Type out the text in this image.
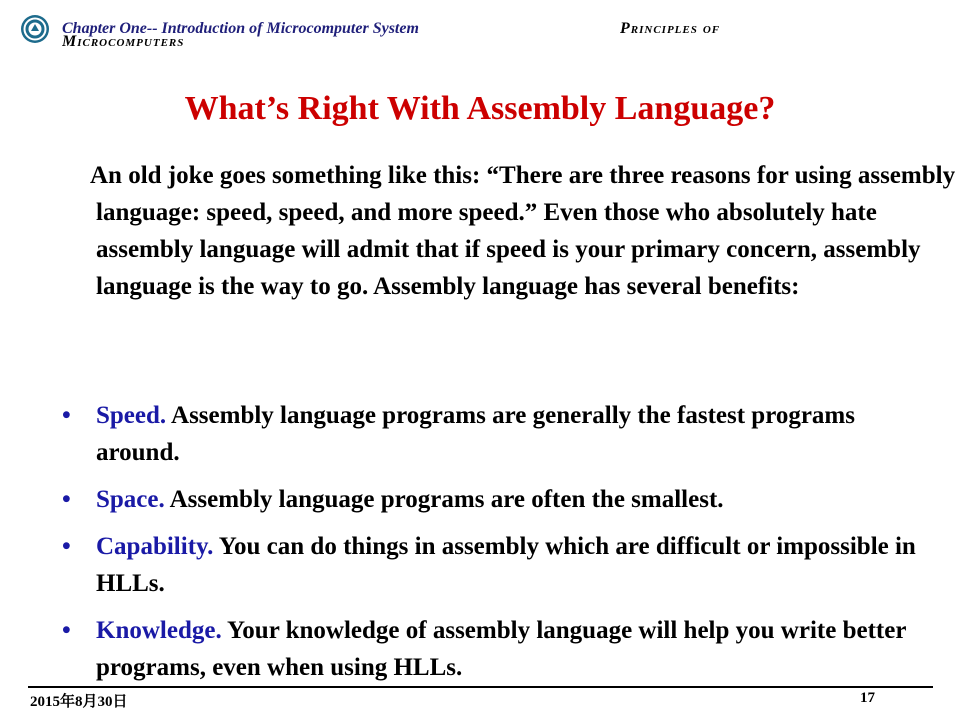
Chapter One-- Introduction of Microcomputer System	Principles of
Microcomputers
What’s Right With Assembly Language?

An old joke goes something like this: “There are three reasons for using assembly language: speed, speed, and more speed.” Even those who absolutely hate assembly language will admit that if speed is your primary concern, assembly language is the way to go. Assembly language has several benefits:

• Speed. Assembly language programs are generally the fastest programs around.
• Space. Assembly language programs are often the smallest.
• Capability. You can do things in assembly which are difficult or impossible in HLLs.
• Knowledge. Your knowledge of assembly language will help you write better programs, even when using HLLs.
2015年8月30日	17
